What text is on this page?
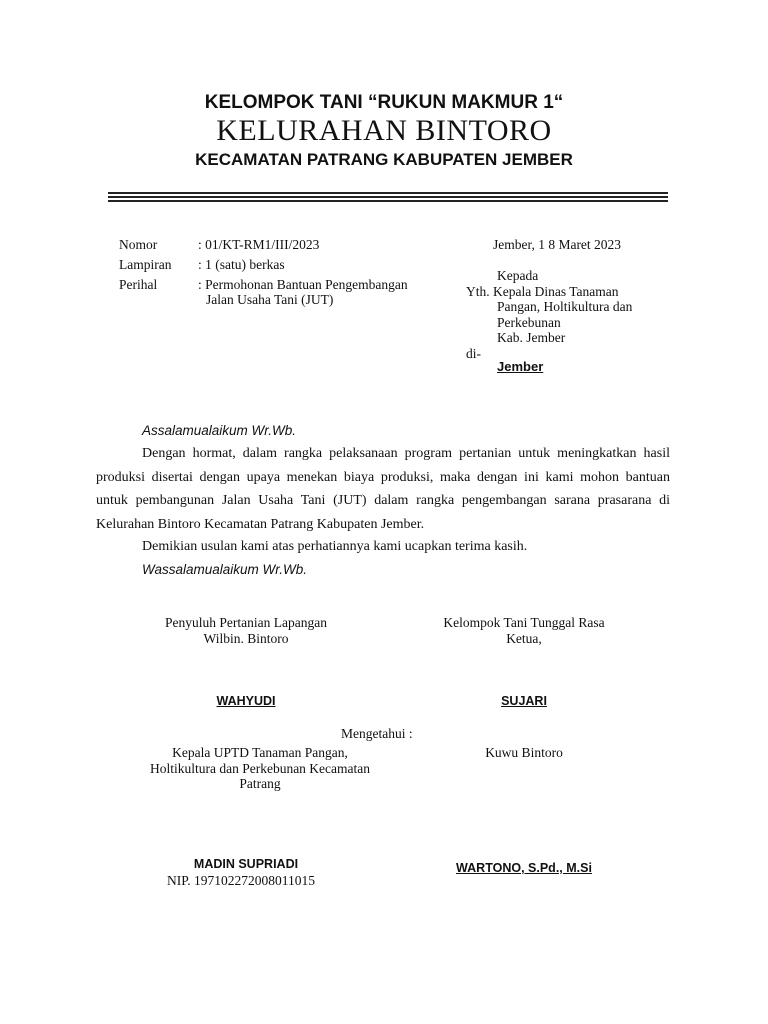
KELOMPOK TANI “RUKUN MAKMUR 1“
KELURAHAN BINTORO
KECAMATAN PATRANG KABUPATEN JEMBER
Nomor	: 01/KT-RM1/III/2023
Lampiran : 1 (satu) berkas
Perihal	: Permohonan Bantuan Pengembangan
Jalan Usaha Tani (JUT)
Jember, 1 8 Maret 2023
Kepada
Yth. Kepala Dinas Tanaman
Pangan, Holtikultura dan
Perkebunan
Kab. Jember
di-
Jember
Assalamualaikum Wr.Wb.
Dengan hormat, dalam rangka pelaksanaan program pertanian untuk meningkatkan hasil
produksi disertai dengan upaya menekan biaya produksi, maka dengan ini kami mohon bantuan
untuk pembangunan Jalan Usaha Tani (JUT) dalam rangka pengembangan sarana prasarana di
Kelurahan Bintoro Kecamatan Patrang Kabupaten Jember.
Demikian usulan kami atas perhatiannya kami ucapkan terima kasih.
Wassalamualaikum Wr.Wb.
Penyuluh Pertanian Lapangan
Wilbin. Bintoro
WAHYUDI
Kelompok Tani Tunggal Rasa
Ketua,
SUJARI
Mengetahui :
Kepala UPTD Tanaman Pangan,
Holtikultura dan Perkebunan Kecamatan
Patrang
MADIN SUPRIADI
NIP. 197102272008011015
Kuwu Bintoro
WARTONO, S.Pd., M.Si
